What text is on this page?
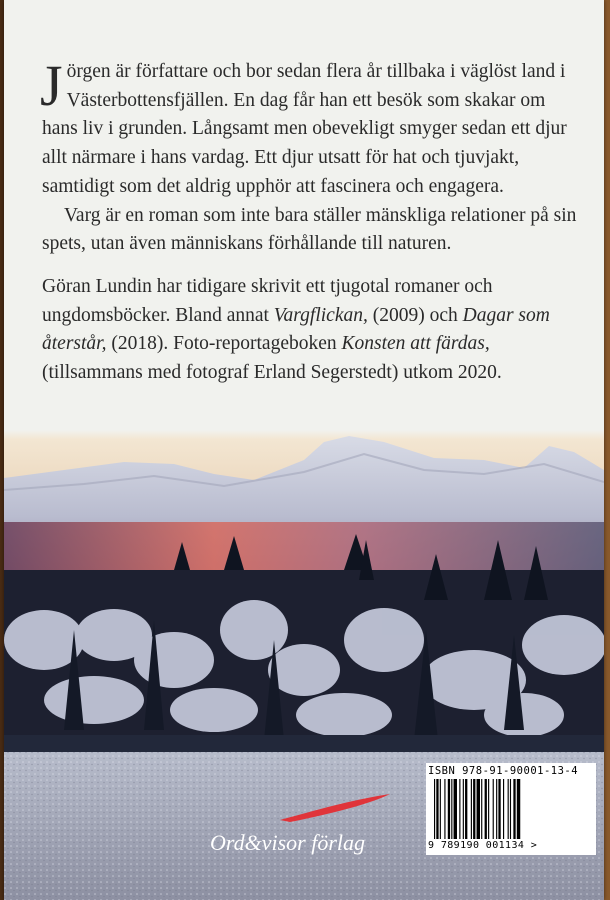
Jörgen är författare och bor sedan flera år tillbaka i väglöst land i Västerbottensfjällen. En dag får han ett besök som skakar om hans liv i grunden. Långsamt men obevekligt smyger sedan ett djur allt närmare i hans vardag. Ett djur utsatt för hat och tjuvjakt, samtidigt som det aldrig upphör att fascinera och engagera.

Varg är en roman som inte bara ställer mänskliga relationer på sin spets, utan även människans förhållande till naturen.

Göran Lundin har tidigare skrivit ett tjugotal romaner och ungdomsböcker. Bland annat Vargflickan, (2009) och Dagar som återstår, (2018). Foto-reportageboken Konsten att färdas, (tillsammans med fotograf Erland Segerstedt) utkom 2020.

ISBN 978-91-90001-13-4
9 789190 001134 >
Ord&visor förlag
